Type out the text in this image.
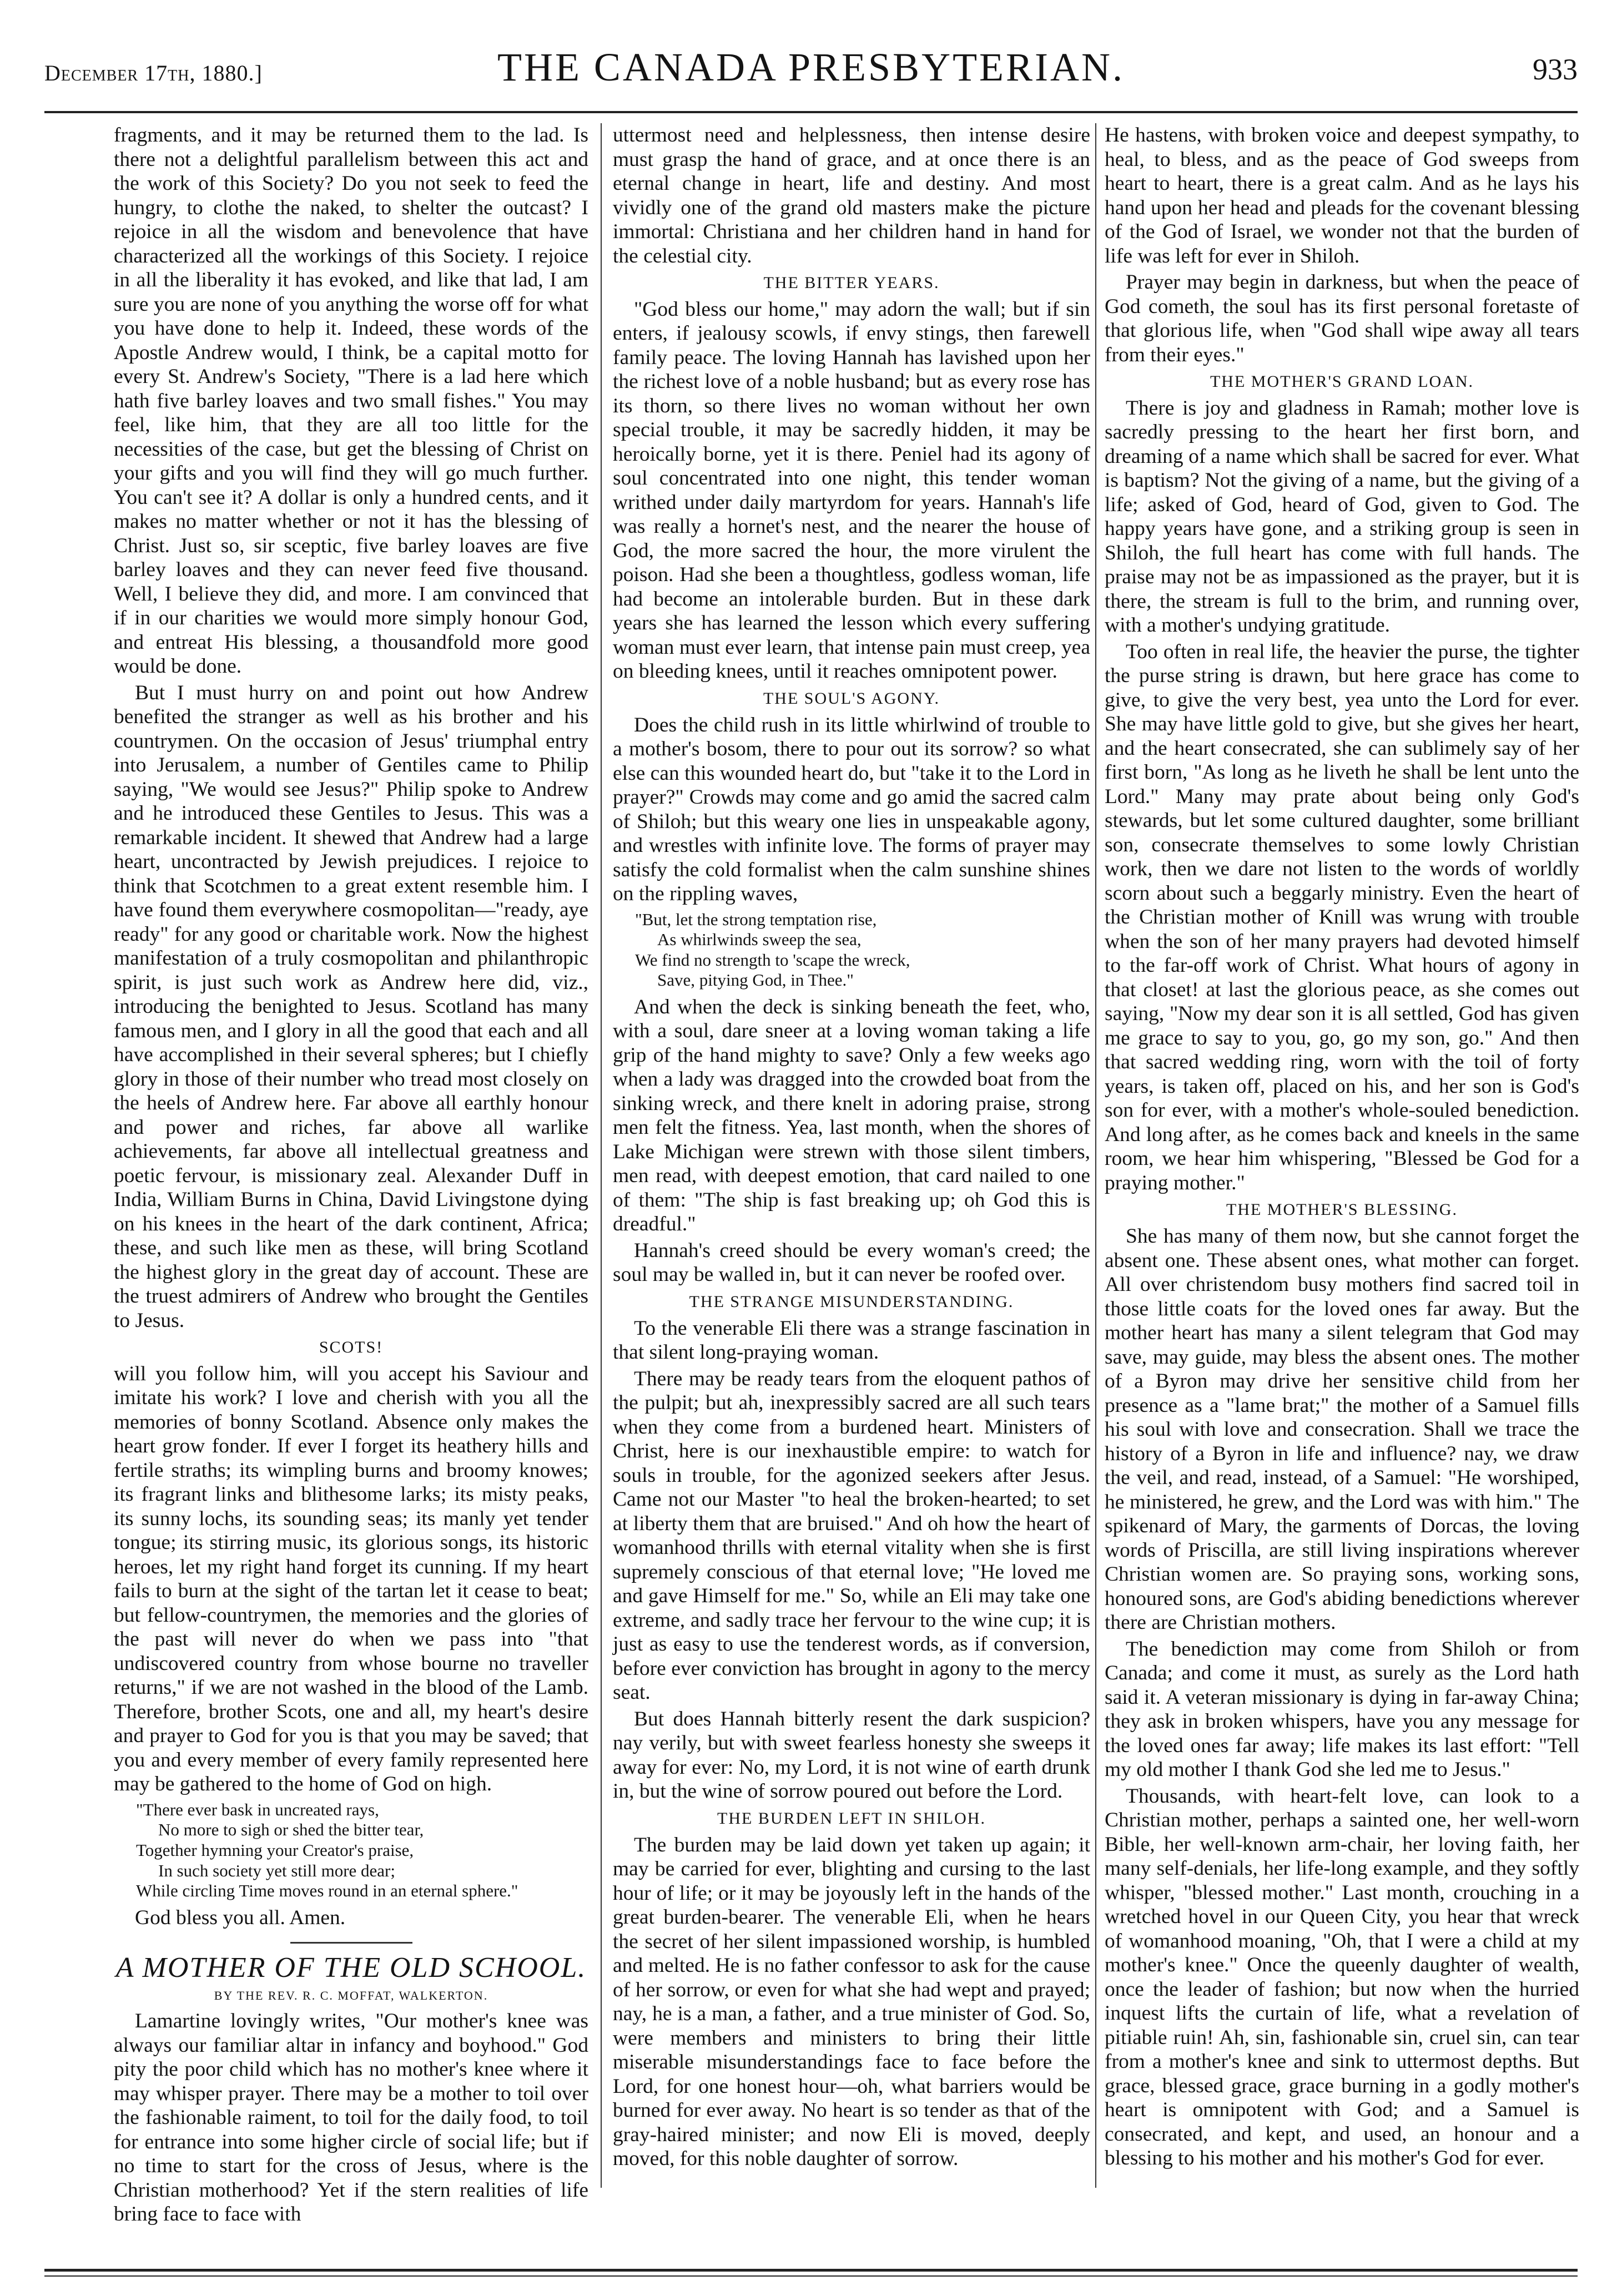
December 17th, 1880.]	THE CANADA PRESBYTERIAN.	933

fragments, and it may be returned them to the lad. Is there not a delightful parallelism between this act and the work of this Society? Do you not seek to feed the hungry, to clothe the naked, to shelter the outcast? I rejoice in all the wisdom and benevolence that have characterized all the workings of this Society. I rejoice in all the liberality it has evoked, and like that lad, I am sure you are none of you anything the worse off for what you have done to help it. Indeed, these words of the Apostle Andrew would, I think, be a capital motto for every St. Andrew's Society, "There is a lad here which hath five barley loaves and two small fishes." You may feel, like him, that they are all too little for the necessities of the case, but get the blessing of Christ on your gifts and you will find they will go much further. You can't see it? A dollar is only a hundred cents, and it makes no matter whether or not it has the blessing of Christ. Just so, sir sceptic, five barley loaves are five barley loaves and they can never feed five thousand. Well, I believe they did, and more. I am convinced that if in our charities we would more simply honour God, and entreat His blessing, a thousandfold more good would be done.

But I must hurry on and point out how Andrew benefited the stranger as well as his brother and his countrymen. On the occasion of Jesus' triumphal entry into Jerusalem, a number of Gentiles came to Philip saying, "We would see Jesus?" Philip spoke to Andrew and he introduced these Gentiles to Jesus. This was a remarkable incident. It shewed that Andrew had a large heart, uncontracted by Jewish prejudices. I rejoice to think that Scotchmen to a great extent resemble him. I have found them everywhere cosmopolitan—"ready, aye ready" for any good or charitable work. Now the highest manifestation of a truly cosmopolitan and philanthropic spirit, is just such work as Andrew here did, viz., introducing the benighted to Jesus. Scotland has many famous men, and I glory in all the good that each and all have accomplished in their several spheres; but I chiefly glory in those of their number who tread most closely on the heels of Andrew here. Far above all earthly honour and power and riches, far above all warlike achievements, far above all intellectual greatness and poetic fervour, is missionary zeal. Alexander Duff in India, William Burns in China, David Livingstone dying on his knees in the heart of the dark continent, Africa; these, and such like men as these, will bring Scotland the highest glory in the great day of account. These are the truest admirers of Andrew who brought the Gentiles to Jesus.

SCOTS!

will you follow him, will you accept his Saviour and imitate his work? I love and cherish with you all the memories of bonny Scotland. Absence only makes the heart grow fonder. If ever I forget its heathery hills and fertile straths; its wimpling burns and broomy knowes; its fragrant links and blithesome larks; its misty peaks, its sunny lochs, its sounding seas; its manly yet tender tongue; its stirring music, its glorious songs, its historic heroes, let my right hand forget its cunning. If my heart fails to burn at the sight of the tartan let it cease to beat; but fellow-countrymen, the memories and the glories of the past will never do when we pass into "that undiscovered country from whose bourne no traveller returns," if we are not washed in the blood of the Lamb. Therefore, brother Scots, one and all, my heart's desire and prayer to God for you is that you may be saved; that you and every member of every family represented here may be gathered to the home of God on high.

"There ever bask in uncreated rays,
No more to sigh or shed the bitter tear,
Together hymning your Creator's praise,
In such society yet still more dear;
While circling Time moves round in an eternal sphere."

God bless you all. Amen.

A MOTHER OF THE OLD SCHOOL.
BY THE REV. R. C. MOFFAT, WALKERTON.

Lamartine lovingly writes, "Our mother's knee was always our familiar altar in infancy and boyhood." God pity the poor child which has no mother's knee where it may whisper prayer. There may be a mother to toil over the fashionable raiment, to toil for the daily food, to toil for entrance into some higher circle of social life; but if no time to start for the cross of Jesus, where is the Christian motherhood? Yet if the stern realities of life bring face to face with

uttermost need and helplessness, then intense desire must grasp the hand of grace, and at once there is an eternal change in heart, life and destiny. And most vividly one of the grand old masters make the picture immortal: Christiana and her children hand in hand for the celestial city.

THE BITTER YEARS.

"God bless our home," may adorn the wall; but if sin enters, if jealousy scowls, if envy stings, then farewell family peace. The loving Hannah has lavished upon her the richest love of a noble husband; but as every rose has its thorn, so there lives no woman without her own special trouble, it may be sacredly hidden, it may be heroically borne, yet it is there. Peniel had its agony of soul concentrated into one night, this tender woman writhed under daily martyrdom for years. Hannah's life was really a hornet's nest, and the nearer the house of God, the more sacred the hour, the more virulent the poison. Had she been a thoughtless, godless woman, life had become an intolerable burden. But in these dark years she has learned the lesson which every suffering woman must ever learn, that intense pain must creep, yea on bleeding knees, until it reaches omnipotent power.

THE SOUL'S AGONY.

Does the child rush in its little whirlwind of trouble to a mother's bosom, there to pour out its sorrow? so what else can this wounded heart do, but "take it to the Lord in prayer?" Crowds may come and go amid the sacred calm of Shiloh; but this weary one lies in unspeakable agony, and wrestles with infinite love. The forms of prayer may satisfy the cold formalist when the calm sunshine shines on the rippling waves,

"But, let the strong temptation rise,
As whirlwinds sweep the sea,
We find no strength to 'scape the wreck,
Save, pitying God, in Thee."

And when the deck is sinking beneath the feet, who, with a soul, dare sneer at a loving woman taking a life grip of the hand mighty to save? Only a few weeks ago when a lady was dragged into the crowded boat from the sinking wreck, and there knelt in adoring praise, strong men felt the fitness. Yea, last month, when the shores of Lake Michigan were strewn with those silent timbers, men read, with deepest emotion, that card nailed to one of them: "The ship is fast breaking up; oh God this is dreadful."

Hannah's creed should be every woman's creed; the soul may be walled in, but it can never be roofed over.

THE STRANGE MISUNDERSTANDING.

To the venerable Eli there was a strange fascination in that silent long-praying woman.

There may be ready tears from the eloquent pathos of the pulpit; but ah, inexpressibly sacred are all such tears when they come from a burdened heart. Ministers of Christ, here is our inexhaustible empire: to watch for souls in trouble, for the agonized seekers after Jesus. Came not our Master "to heal the broken-hearted; to set at liberty them that are bruised." And oh how the heart of womanhood thrills with eternal vitality when she is first supremely conscious of that eternal love; "He loved me and gave Himself for me." So, while an Eli may take one extreme, and sadly trace her fervour to the wine cup; it is just as easy to use the tenderest words, as if conversion, before ever conviction has brought in agony to the mercy seat.

But does Hannah bitterly resent the dark suspicion? nay verily, but with sweet fearless honesty she sweeps it away for ever: No, my Lord, it is not wine of earth drunk in, but the wine of sorrow poured out before the Lord.

THE BURDEN LEFT IN SHILOH.

The burden may be laid down yet taken up again; it may be carried for ever, blighting and cursing to the last hour of life; or it may be joyously left in the hands of the great burden-bearer. The venerable Eli, when he hears the secret of her silent impassioned worship, is humbled and melted. He is no father confessor to ask for the cause of her sorrow, or even for what she had wept and prayed; nay, he is a man, a father, and a true minister of God. So, were members and ministers to bring their little miserable misunderstandings face to face before the Lord, for one honest hour—oh, what barriers would be burned for ever away. No heart is so tender as that of the gray-haired minister; and now Eli is moved, deeply moved, for this noble daughter of sorrow.

He hastens, with broken voice and deepest sympathy, to heal, to bless, and as the peace of God sweeps from heart to heart, there is a great calm. And as he lays his hand upon her head and pleads for the covenant blessing of the God of Israel, we wonder not that the burden of life was left for ever in Shiloh.

Prayer may begin in darkness, but when the peace of God cometh, the soul has its first personal foretaste of that glorious life, when "God shall wipe away all tears from their eyes."

THE MOTHER'S GRAND LOAN.

There is joy and gladness in Ramah; mother love is sacredly pressing to the heart her first born, and dreaming of a name which shall be sacred for ever. What is baptism? Not the giving of a name, but the giving of a life; asked of God, heard of God, given to God. The happy years have gone, and a striking group is seen in Shiloh, the full heart has come with full hands. The praise may not be as impassioned as the prayer, but it is there, the stream is full to the brim, and running over, with a mother's undying gratitude.

Too often in real life, the heavier the purse, the tighter the purse string is drawn, but here grace has come to give, to give the very best, yea unto the Lord for ever. She may have little gold to give, but she gives her heart, and the heart consecrated, she can sublimely say of her first born, "As long as he liveth he shall be lent unto the Lord." Many may prate about being only God's stewards, but let some cultured daughter, some brilliant son, consecrate themselves to some lowly Christian work, then we dare not listen to the words of worldly scorn about such a beggarly ministry. Even the heart of the Christian mother of Knill was wrung with trouble when the son of her many prayers had devoted himself to the far-off work of Christ. What hours of agony in that closet! at last the glorious peace, as she comes out saying, "Now my dear son it is all settled, God has given me grace to say to you, go, go my son, go." And then that sacred wedding ring, worn with the toil of forty years, is taken off, placed on his, and her son is God's son for ever, with a mother's whole-souled benediction. And long after, as he comes back and kneels in the same room, we hear him whispering, "Blessed be God for a praying mother."

THE MOTHER'S BLESSING.

She has many of them now, but she cannot forget the absent one. These absent ones, what mother can forget. All over christendom busy mothers find sacred toil in those little coats for the loved ones far away. But the mother heart has many a silent telegram that God may save, may guide, may bless the absent ones. The mother of a Byron may drive her sensitive child from her presence as a "lame brat;" the mother of a Samuel fills his soul with love and consecration. Shall we trace the history of a Byron in life and influence? nay, we draw the veil, and read, instead, of a Samuel: "He worshiped, he ministered, he grew, and the Lord was with him." The spikenard of Mary, the garments of Dorcas, the loving words of Priscilla, are still living inspirations wherever Christian women are. So praying sons, working sons, honoured sons, are God's abiding benedictions wherever there are Christian mothers.

The benediction may come from Shiloh or from Canada; and come it must, as surely as the Lord hath said it. A veteran missionary is dying in far-away China; they ask in broken whispers, have you any message for the loved ones far away; life makes its last effort: "Tell my old mother I thank God she led me to Jesus."

Thousands, with heart-felt love, can look to a Christian mother, perhaps a sainted one, her well-worn Bible, her well-known arm-chair, her loving faith, her many self-denials, her life-long example, and they softly whisper, "blessed mother." Last month, crouching in a wretched hovel in our Queen City, you hear that wreck of womanhood moaning, "Oh, that I were a child at my mother's knee." Once the queenly daughter of wealth, once the leader of fashion; but now when the hurried inquest lifts the curtain of life, what a revelation of pitiable ruin! Ah, sin, fashionable sin, cruel sin, can tear from a mother's knee and sink to uttermost depths. But grace, blessed grace, grace burning in a godly mother's heart is omnipotent with God; and a Samuel is consecrated, and kept, and used, an honour and a blessing to his mother and his mother's God for ever.
